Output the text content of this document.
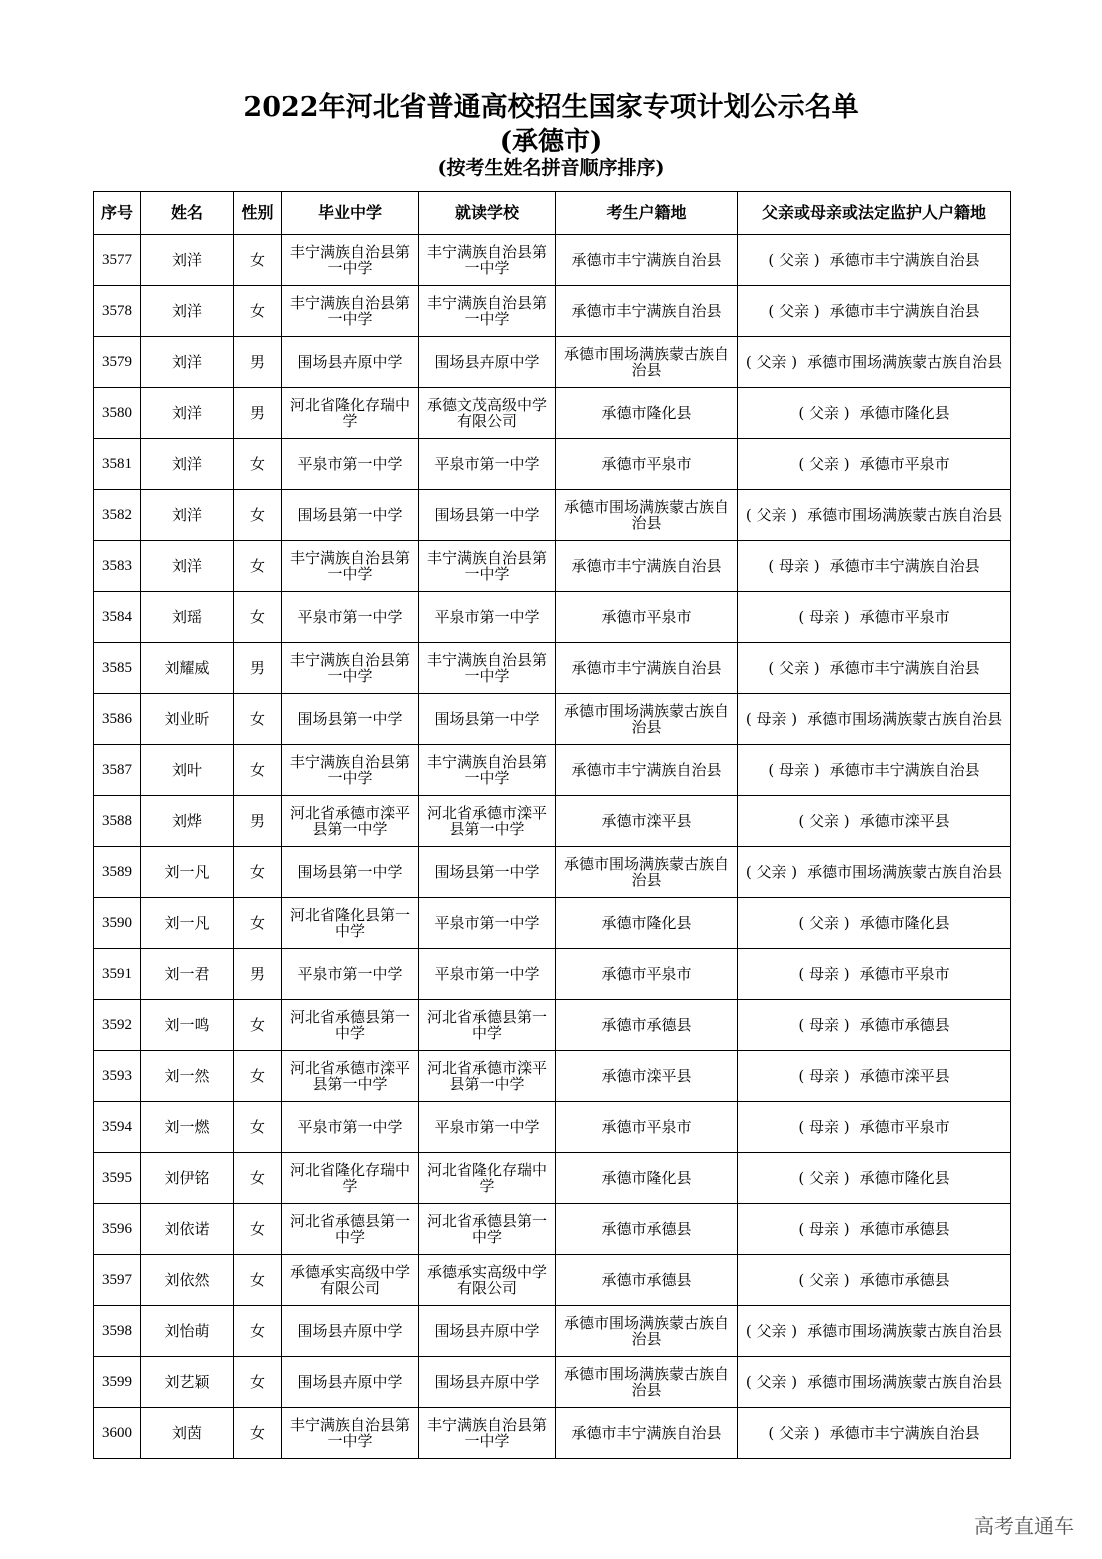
2022年河北省普通高校招生国家专项计划公示名单
(承德市)
(按考生姓名拼音顺序排序)
序号	姓名	性别	毕业中学	就读学校	考生户籍地	父亲或母亲或法定监护人户籍地
3577	刘洋	女	丰宁满族自治县第一中学	丰宁满族自治县第一中学	承德市丰宁满族自治县	( 父亲 ) 承德市丰宁满族自治县
3578	刘洋	女	丰宁满族自治县第一中学	丰宁满族自治县第一中学	承德市丰宁满族自治县	( 父亲 ) 承德市丰宁满族自治县
3579	刘洋	男	围场县卉原中学	围场县卉原中学	承德市围场满族蒙古族自治县	( 父亲 ) 承德市围场满族蒙古族自治县
3580	刘洋	男	河北省隆化存瑞中学	承德文茂高级中学有限公司	承德市隆化县	( 父亲 ) 承德市隆化县
3581	刘洋	女	平泉市第一中学	平泉市第一中学	承德市平泉市	( 父亲 ) 承德市平泉市
3582	刘洋	女	围场县第一中学	围场县第一中学	承德市围场满族蒙古族自治县	( 父亲 ) 承德市围场满族蒙古族自治县
3583	刘洋	女	丰宁满族自治县第一中学	丰宁满族自治县第一中学	承德市丰宁满族自治县	( 母亲 ) 承德市丰宁满族自治县
3584	刘瑶	女	平泉市第一中学	平泉市第一中学	承德市平泉市	( 母亲 ) 承德市平泉市
3585	刘耀威	男	丰宁满族自治县第一中学	丰宁满族自治县第一中学	承德市丰宁满族自治县	( 父亲 ) 承德市丰宁满族自治县
3586	刘业昕	女	围场县第一中学	围场县第一中学	承德市围场满族蒙古族自治县	( 母亲 ) 承德市围场满族蒙古族自治县
3587	刘叶	女	丰宁满族自治县第一中学	丰宁满族自治县第一中学	承德市丰宁满族自治县	( 母亲 ) 承德市丰宁满族自治县
3588	刘烨	男	河北省承德市滦平县第一中学	河北省承德市滦平县第一中学	承德市滦平县	( 父亲 ) 承德市滦平县
3589	刘一凡	女	围场县第一中学	围场县第一中学	承德市围场满族蒙古族自治县	( 父亲 ) 承德市围场满族蒙古族自治县
3590	刘一凡	女	河北省隆化县第一中学	平泉市第一中学	承德市隆化县	( 父亲 ) 承德市隆化县
3591	刘一君	男	平泉市第一中学	平泉市第一中学	承德市平泉市	( 母亲 ) 承德市平泉市
3592	刘一鸣	女	河北省承德县第一中学	河北省承德县第一中学	承德市承德县	( 母亲 ) 承德市承德县
3593	刘一然	女	河北省承德市滦平县第一中学	河北省承德市滦平县第一中学	承德市滦平县	( 母亲 ) 承德市滦平县
3594	刘一燃	女	平泉市第一中学	平泉市第一中学	承德市平泉市	( 母亲 ) 承德市平泉市
3595	刘伊铭	女	河北省隆化存瑞中学	河北省隆化存瑞中学	承德市隆化县	( 父亲 ) 承德市隆化县
3596	刘依诺	女	河北省承德县第一中学	河北省承德县第一中学	承德市承德县	( 母亲 ) 承德市承德县
3597	刘依然	女	承德承实高级中学有限公司	承德承实高级中学有限公司	承德市承德县	( 父亲 ) 承德市承德县
3598	刘怡萌	女	围场县卉原中学	围场县卉原中学	承德市围场满族蒙古族自治县	( 父亲 ) 承德市围场满族蒙古族自治县
3599	刘艺颖	女	围场县卉原中学	围场县卉原中学	承德市围场满族蒙古族自治县	( 父亲 ) 承德市围场满族蒙古族自治县
3600	刘茵	女	丰宁满族自治县第一中学	丰宁满族自治县第一中学	承德市丰宁满族自治县	( 父亲 ) 承德市丰宁满族自治县
高考直通车
